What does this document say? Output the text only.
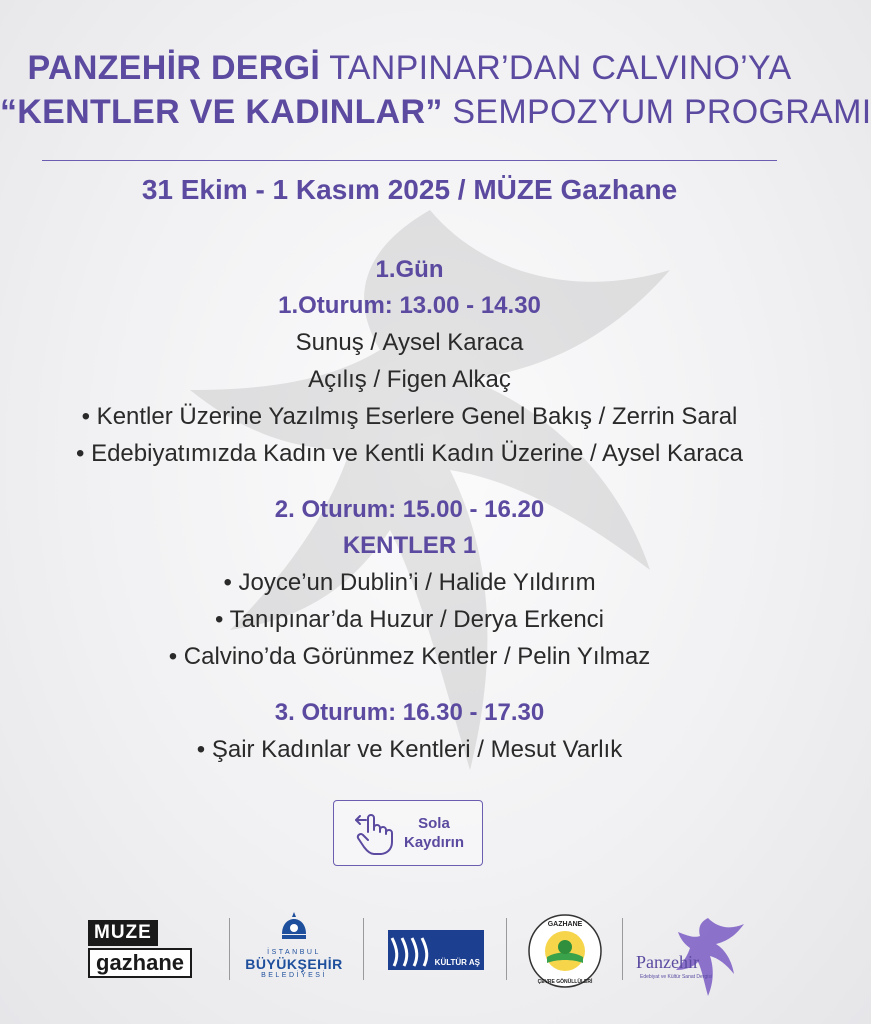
PANZEHİR DERGİ TANPINAR’DAN CALVINO’YA
“KENTLER VE KADINLAR” SEMPOZYUM PROGRAMI
31 Ekim - 1 Kasım 2025 / MÜZE Gazhane
1.Gün
1.Oturum: 13.00 - 14.30
Sunuş / Aysel Karaca
Açılış / Figen Alkaç
• Kentler Üzerine Yazılmış Eserlere Genel Bakış / Zerrin Saral
• Edebiyatımızda Kadın ve Kentli Kadın Üzerine / Aysel Karaca
2. Oturum: 15.00 - 16.20
KENTLER 1
• Joyce’un Dublin’i / Halide Yıldırım
• Tanıpınar’da Huzur / Derya Erkenci
• Calvino’da Görünmez Kentler / Pelin Yılmaz
3. Oturum: 16.30 - 17.30
• Şair Kadınlar ve Kentleri / Mesut Varlık
Sola
Kaydırın
MUZE
gazhane	İSTANBUL
BÜYÜKŞEHİR
BELEDİYESİ
KÜLTÜR AŞ
GAZHANE
ÇEVRE GÖNÜLLÜLERİ
Panzehir
Edebiyat ve Kültür Sanat Dergisi
